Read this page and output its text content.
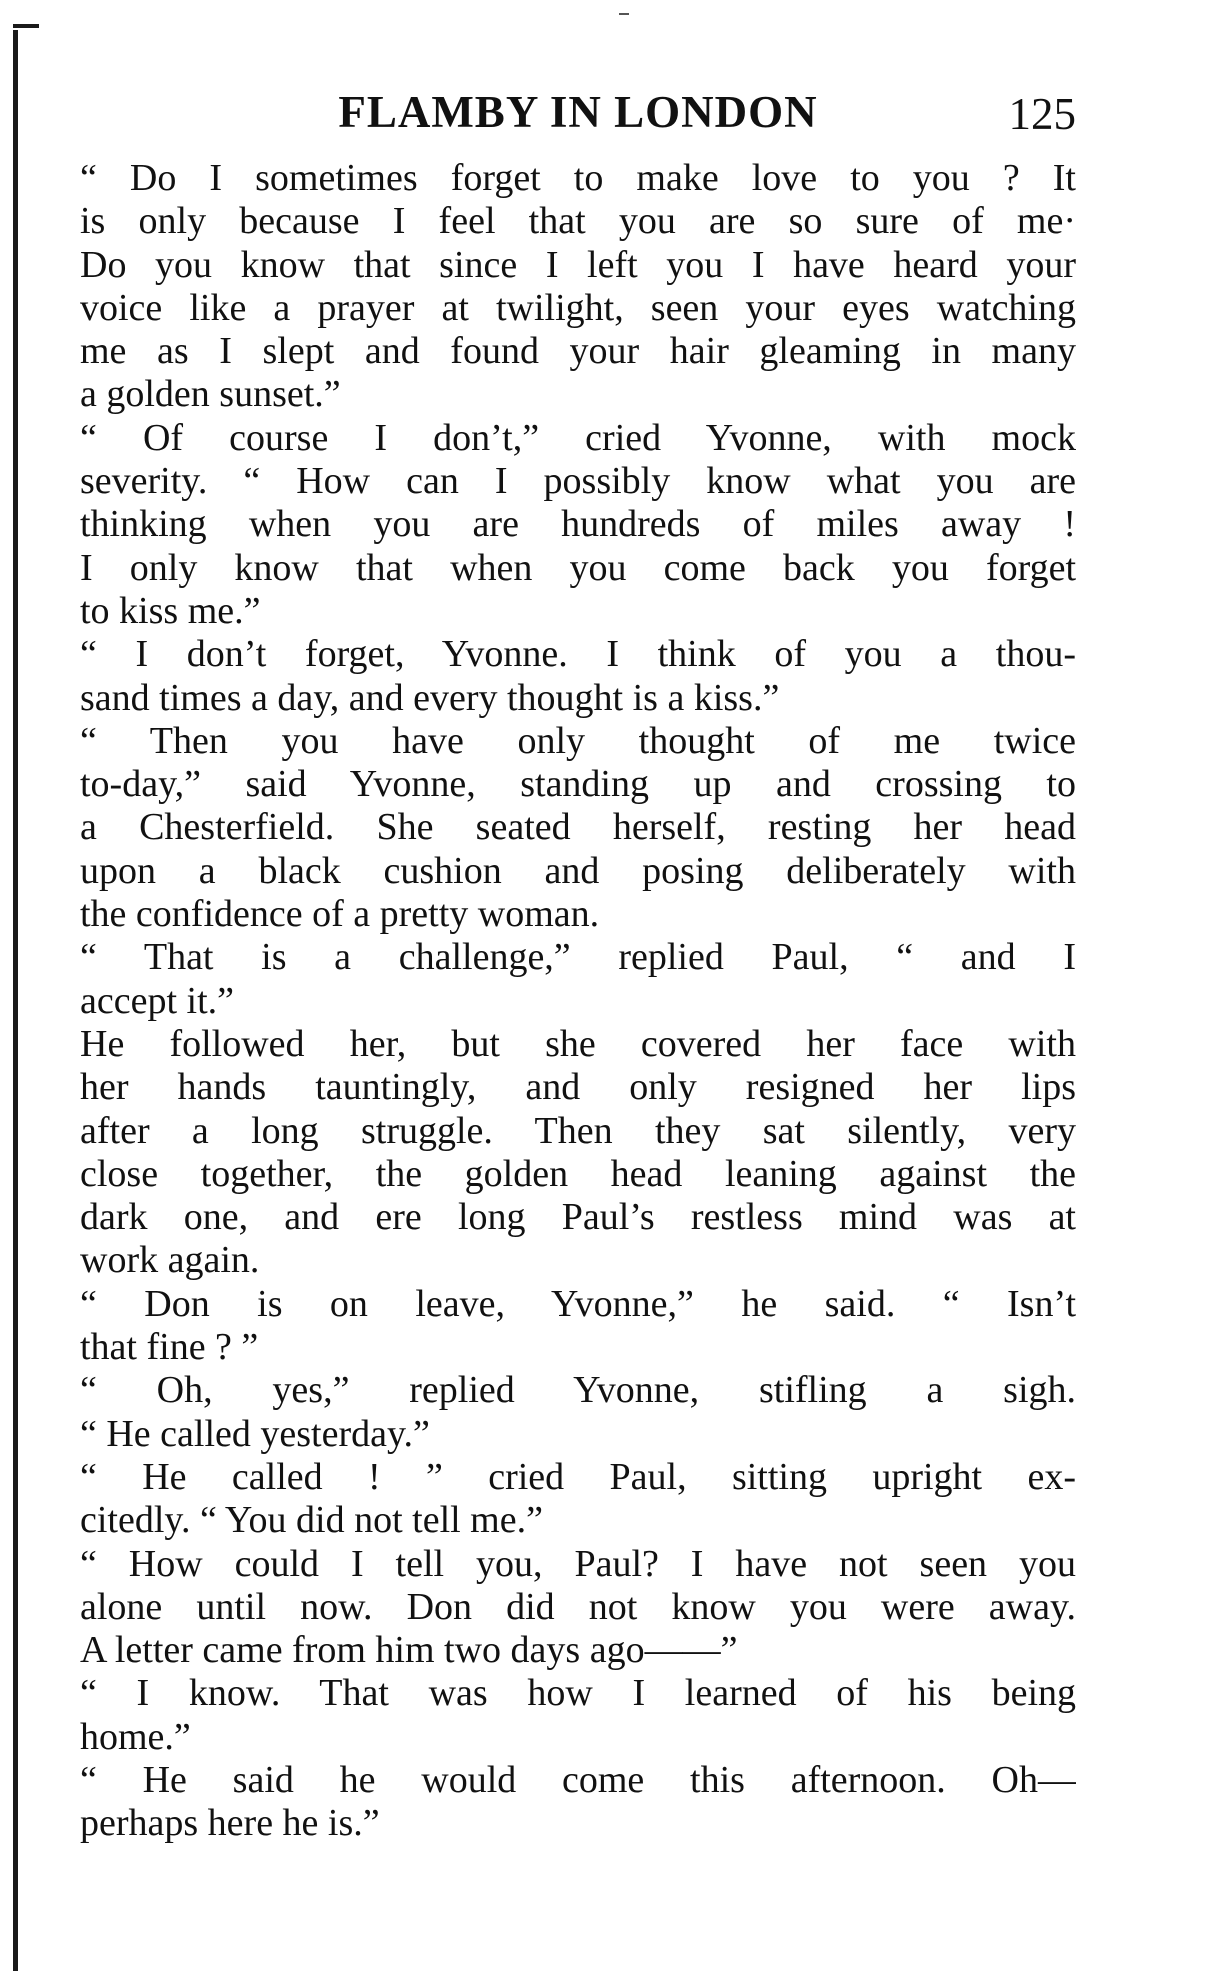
FLAMBY IN LONDON	125
“ Do I sometimes forget to make love to you ? It
is only because I feel that you are so sure of me·
Do you know that since I left you I have heard your
voice like a prayer at twilight, seen your eyes watching
me as I slept and found your hair gleaming in many
a golden sunset.”
“ Of course I don’t,” cried Yvonne, with mock
severity. “ How can I possibly know what you are
thinking when you are hundreds of miles away !
I only know that when you come back you forget
to kiss me.”
“ I don’t forget, Yvonne. I think of you a thou-
sand times a day, and every thought is a kiss.”
“ Then you have only thought of me twice
to-day,” said Yvonne, standing up and crossing to
a Chesterfield. She seated herself, resting her head
upon a black cushion and posing deliberately with
the confidence of a pretty woman.
“ That is a challenge,” replied Paul, “ and I
accept it.”
He followed her, but she covered her face with
her hands tauntingly, and only resigned her lips
after a long struggle. Then they sat silently, very
close together, the golden head leaning against the
dark one, and ere long Paul’s restless mind was at
work again.
“ Don is on leave, Yvonne,” he said. “ Isn’t
that fine ? ”
“ Oh, yes,” replied Yvonne, stifling a sigh.
“ He called yesterday.”
“ He called ! ” cried Paul, sitting upright ex-
citedly. “ You did not tell me.”
“ How could I tell you, Paul? I have not seen you
alone until now. Don did not know you were away.
A letter came from him two days ago——”
“ I know. That was how I learned of his being
home.”
“ He said he would come this afternoon. Oh—
perhaps here he is.”
